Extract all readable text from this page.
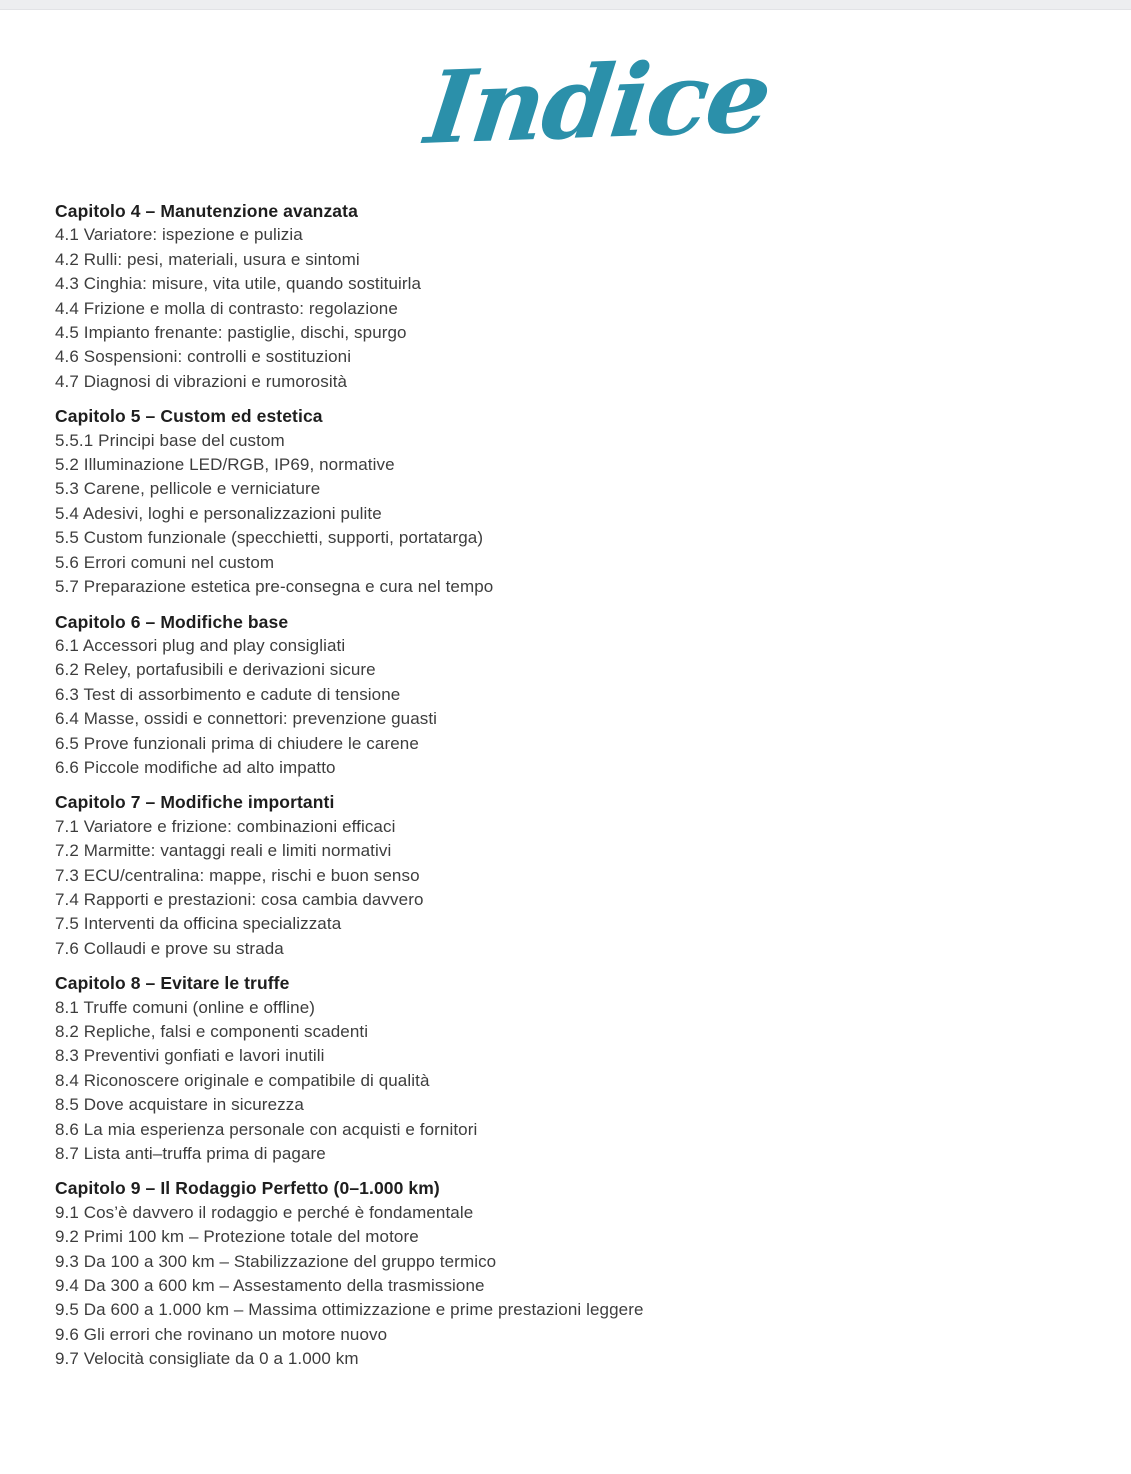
Indice
Capitolo 4 – Manutenzione avanzata

4.1 Variatore: ispezione e pulizia

4.2 Rulli: pesi, materiali, usura e sintomi

4.3 Cinghia: misure, vita utile, quando sostituirla

4.4 Frizione e molla di contrasto: regolazione

4.5 Impianto frenante: pastiglie, dischi, spurgo

4.6 Sospensioni: controlli e sostituzioni

4.7 Diagnosi di vibrazioni e rumorosità

Capitolo 5 – Custom ed estetica

5.5.1 Principi base del custom

5.2 Illuminazione LED/RGB, IP69, normative

5.3 Carene, pellicole e verniciature

5.4 Adesivi, loghi e personalizzazioni pulite

5.5 Custom funzionale (specchietti, supporti, portatarga)

5.6 Errori comuni nel custom

5.7 Preparazione estetica pre-consegna e cura nel tempo

Capitolo 6 – Modifiche base

6.1 Accessori plug and play consigliati

6.2 Reley, portafusibili e derivazioni sicure

6.3 Test di assorbimento e cadute di tensione

6.4 Masse, ossidi e connettori: prevenzione guasti

6.5 Prove funzionali prima di chiudere le carene

6.6 Piccole modifiche ad alto impatto

Capitolo 7 – Modifiche importanti

7.1 Variatore e frizione: combinazioni efficaci

7.2 Marmitte: vantaggi reali e limiti normativi

7.3 ECU/centralina: mappe, rischi e buon senso

7.4 Rapporti e prestazioni: cosa cambia davvero

7.5 Interventi da officina specializzata

7.6 Collaudi e prove su strada

Capitolo 8 – Evitare le truffe

8.1 Truffe comuni (online e offline)

8.2 Repliche, falsi e componenti scadenti

8.3 Preventivi gonfiati e lavori inutili

8.4 Riconoscere originale e compatibile di qualità

8.5 Dove acquistare in sicurezza

8.6 La mia esperienza personale con acquisti e fornitori

8.7 Lista anti–truffa prima di pagare

Capitolo 9 – Il Rodaggio Perfetto (0–1.000 km)

9.1 Cos’è davvero il rodaggio e perché è fondamentale

9.2 Primi 100 km – Protezione totale del motore

9.3 Da 100 a 300 km – Stabilizzazione del gruppo termico

9.4 Da 300 a 600 km – Assestamento della trasmissione

9.5 Da 600 a 1.000 km – Massima ottimizzazione e prime prestazioni leggere

9.6 Gli errori che rovinano un motore nuovo

9.7 Velocità consigliate da 0 a 1.000 km
